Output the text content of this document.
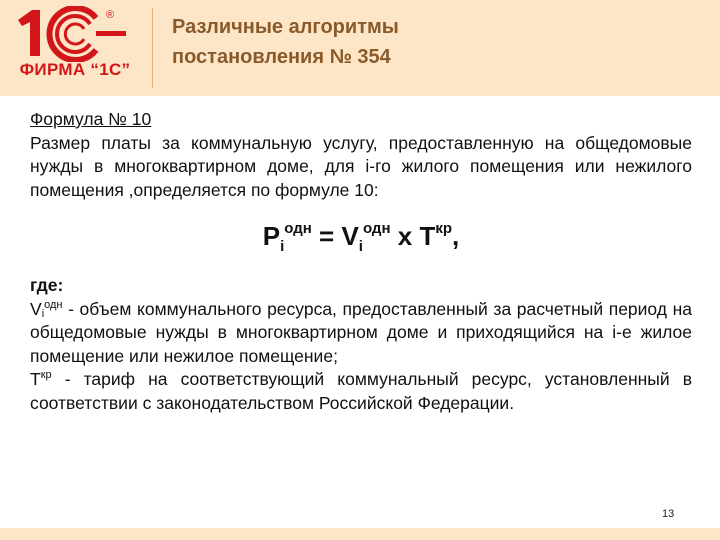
®
ФИРМА “1С”
Различные алгоритмы
постановления № 354
Формула № 10
Размер платы за коммунальную услугу, предоставленную на общедомовые нужды в многоквартирном доме, для i-го жилого помещения или нежилого помещения ,определяется по формуле 10:
$P_i^{одн} = V_i^{одн}$ х $T^{кр}$,
где:
$V_i^{одн}$ - объем коммунального ресурса, предоставленный за расчетный период на общедомовые нужды в многоквартирном доме и приходящийся на i-е жилое помещение или нежилое помещение;
$T^{кр}$ - тариф на соответствующий коммунальный ресурс, установленный в соответствии с законодательством Российской Федерации.
13
